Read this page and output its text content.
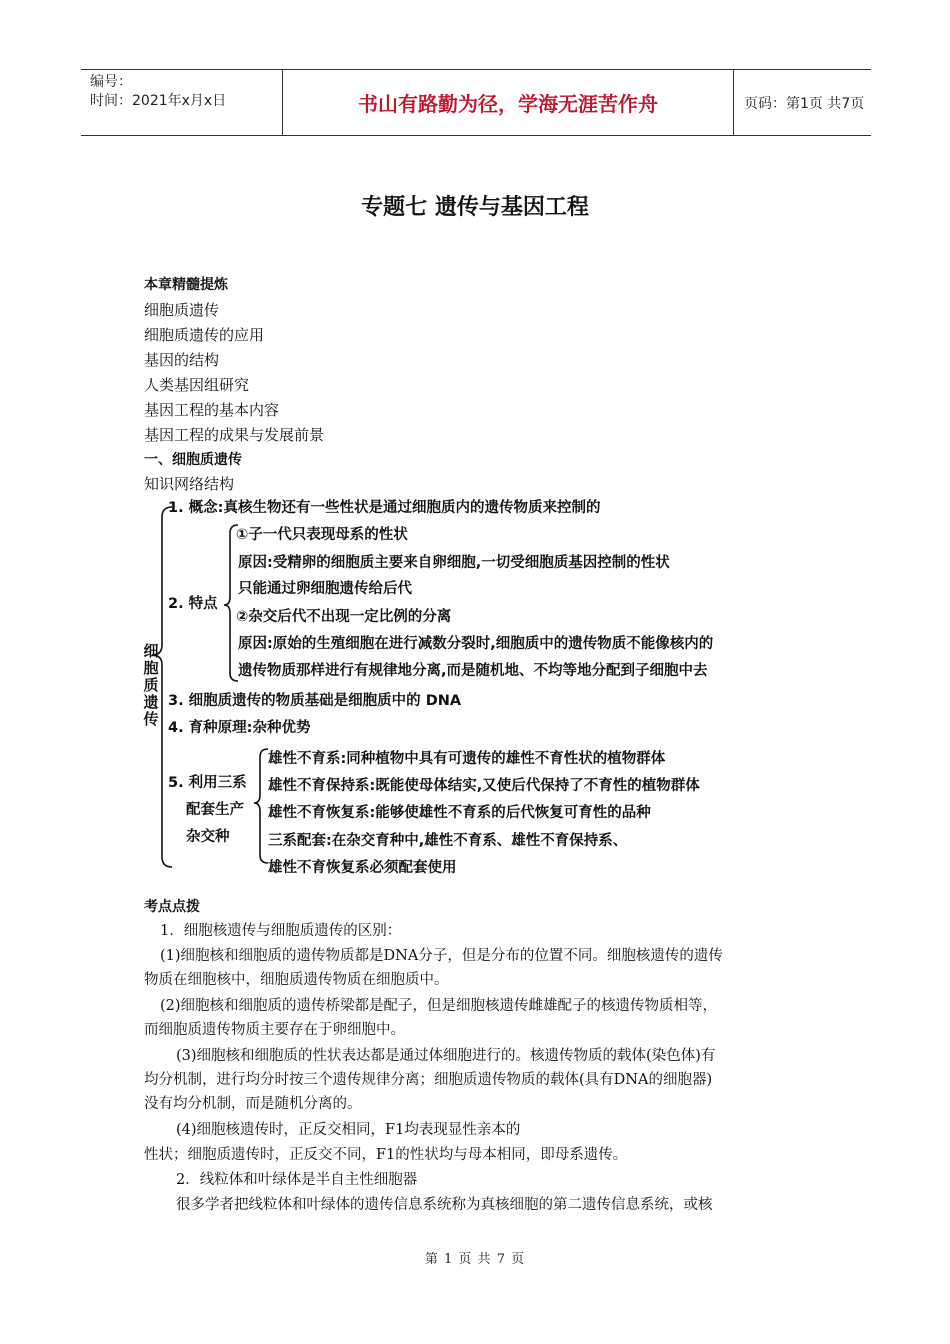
编号：
时间：2021年x月x日	书山有路勤为径，学海无涯苦作舟	页码：第1页 共7页
专题七 遗传与基因工程
本章精髓提炼
细胞质遗传
细胞质遗传的应用
基因的结构
人类基因组研究
基因工程的基本内容
基因工程的成果与发展前景
一、细胞质遗传
知识网络结构
细胞质遗传
1. 概念:真核生物还有一些性状是通过细胞质内的遗传物质来控制的
2. 特点
①子一代只表现母系的性状
原因:受精卵的细胞质主要来自卵细胞,一切受细胞质基因控制的性状
只能通过卵细胞遗传给后代
②杂交后代不出现一定比例的分离
原因:原始的生殖细胞在进行减数分裂时,细胞质中的遗传物质不能像核内的
遗传物质那样进行有规律地分离,而是随机地、不均等地分配到子细胞中去
3. 细胞质遗传的物质基础是细胞质中的 DNA
4. 育种原理:杂种优势
5. 利用三系
配套生产
杂交种
雄性不育系:同种植物中具有可遗传的雄性不育性状的植物群体
雄性不育保持系:既能使母体结实,又使后代保持了不育性的植物群体
雄性不育恢复系:能够使雄性不育系的后代恢复可育性的品种
三系配套:在杂交育种中,雄性不育系、雄性不育保持系、
雄性不育恢复系必须配套使用
考点点拨
1．细胞核遗传与细胞质遗传的区别：
(1)细胞核和细胞质的遗传物质都是DNA分子，但是分布的位置不同。细胞核遗传的遗传
物质在细胞核中，细胞质遗传物质在细胞质中。
(2)细胞核和细胞质的遗传桥梁都是配子，但是细胞核遗传雌雄配子的核遗传物质相等，
而细胞质遗传物质主要存在于卵细胞中。
(3)细胞核和细胞质的性状表达都是通过体细胞进行的。核遗传物质的载体(染色体)有
均分机制，进行均分时按三个遗传规律分离；细胞质遗传物质的载体(具有DNA的细胞器)
没有均分机制，而是随机分离的。
(4)细胞核遗传时，正反交相同，F1均表现显性亲本的
性状；细胞质遗传时，正反交不同，F1的性状均与母本相同，即母系遗传。
2．线粒体和叶绿体是半自主性细胞器
很多学者把线粒体和叶绿体的遗传信息系统称为真核细胞的第二遗传信息系统，或核
第 1 页 共 7 页
